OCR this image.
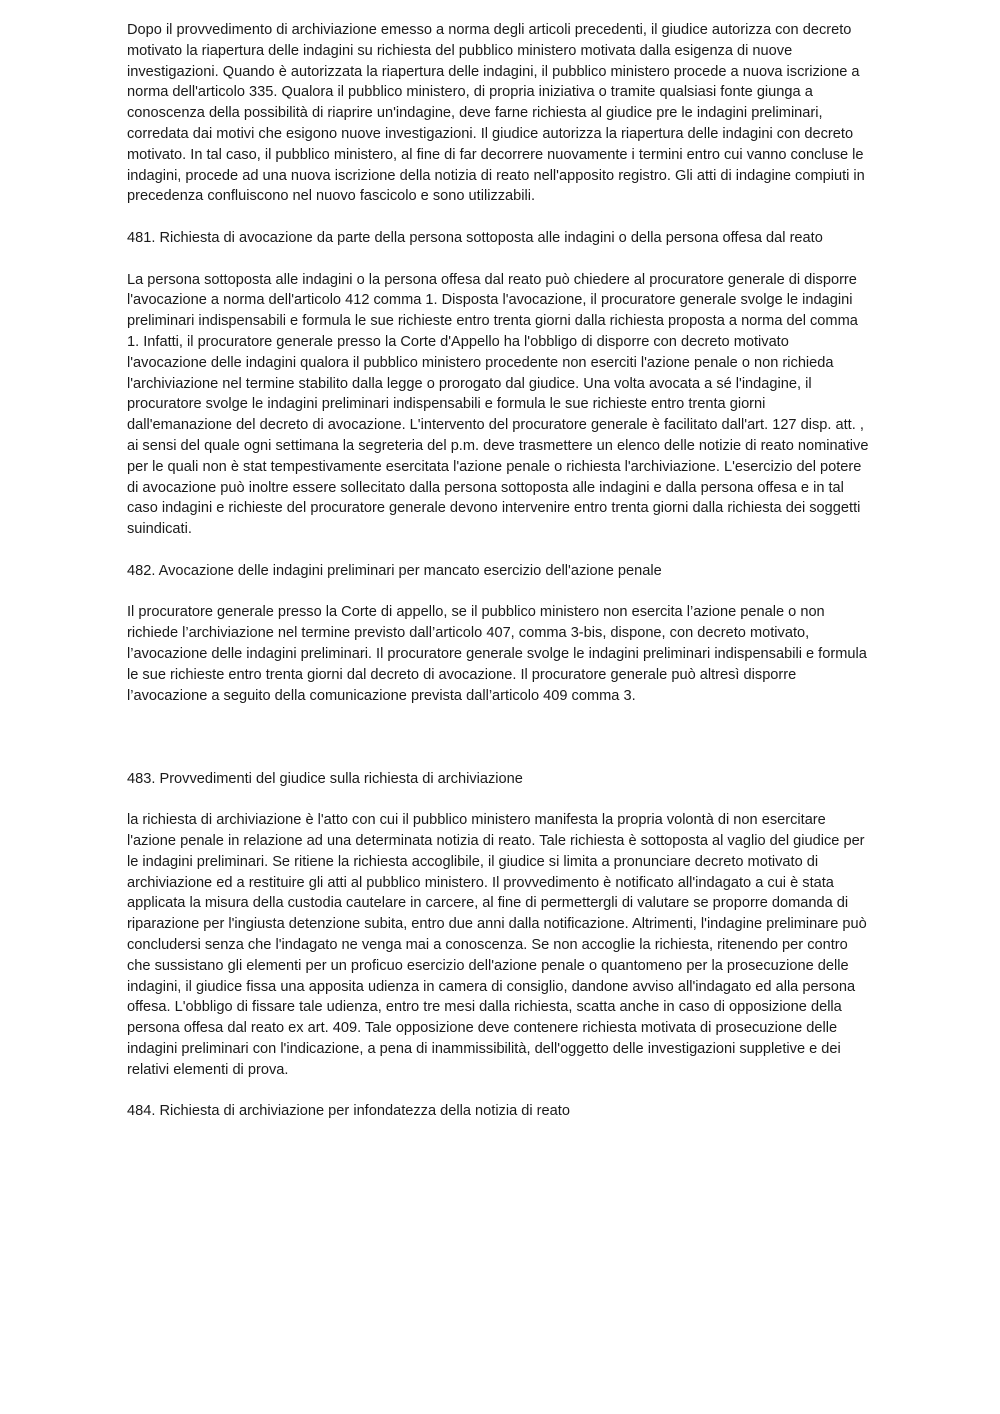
Dopo il provvedimento di archiviazione emesso a norma degli articoli precedenti, il giudice autorizza con decreto motivato la riapertura delle indagini su richiesta del pubblico ministero motivata dalla esigenza di nuove investigazioni. Quando è autorizzata la riapertura delle indagini, il pubblico ministero procede a nuova iscrizione a norma dell'articolo 335. Qualora il pubblico ministero, di propria iniziativa o tramite qualsiasi fonte giunga a conoscenza della possibilità di riaprire un'indagine, deve farne richiesta al giudice pre le indagini preliminari, corredata dai motivi che esigono nuove investigazioni. Il giudice autorizza la riapertura delle indagini con decreto motivato. In tal caso, il pubblico ministero, al fine di far decorrere nuovamente i termini entro cui vanno concluse le indagini, procede ad una nuova iscrizione della notizia di reato nell'apposito registro. Gli atti di indagine compiuti in precedenza confluiscono nel nuovo fascicolo e sono utilizzabili.

481. Richiesta di avocazione da parte della persona sottoposta alle indagini o della persona offesa dal reato

La persona sottoposta alle indagini o la persona offesa dal reato può chiedere al procuratore generale di disporre l'avocazione a norma dell'articolo 412 comma 1. Disposta l'avocazione, il procuratore generale svolge le indagini preliminari indispensabili e formula le sue richieste entro trenta giorni dalla richiesta proposta a norma del comma 1. Infatti, il procuratore generale presso la Corte d'Appello ha l'obbligo di disporre con decreto motivato l'avocazione delle indagini qualora il pubblico ministero procedente non eserciti l'azione penale o non richieda l'archiviazione nel termine stabilito dalla legge o prorogato dal giudice. Una volta avocata a sé l'indagine, il procuratore svolge le indagini preliminari indispensabili e formula le sue richieste entro trenta giorni dall'emanazione del decreto di avocazione. L'intervento del procuratore generale è facilitato dall'art. 127 disp. att. , ai sensi del quale ogni settimana la segreteria del p.m. deve trasmettere un elenco delle notizie di reato nominative per le quali non è stat tempestivamente esercitata l'azione penale o richiesta l'archiviazione. L'esercizio del potere di avocazione può inoltre essere sollecitato dalla persona sottoposta alle indagini e dalla persona offesa e in tal caso indagini e richieste del procuratore generale devono intervenire entro trenta giorni dalla richiesta dei soggetti suindicati.

482. Avocazione delle indagini preliminari per mancato esercizio dell'azione penale

Il procuratore generale presso la Corte di appello, se il pubblico ministero non esercita l’azione penale o non richiede l’archiviazione nel termine previsto dall’articolo 407, comma 3-bis, dispone, con decreto motivato, l’avocazione delle indagini preliminari. Il procuratore generale svolge le indagini preliminari indispensabili e formula le sue richieste entro trenta giorni dal decreto di avocazione. Il procuratore generale può altresì disporre l’avocazione a seguito della comunicazione prevista dall’articolo 409 comma 3.

483. Provvedimenti del giudice sulla richiesta di archiviazione

la richiesta di archiviazione è l'atto con cui il pubblico ministero manifesta la propria volontà di non esercitare l'azione penale in relazione ad una determinata notizia di reato. Tale richiesta è sottoposta al vaglio del giudice per le indagini preliminari. Se ritiene la richiesta accoglibile, il giudice si limita a pronunciare decreto motivato di archiviazione ed a restituire gli atti al pubblico ministero. Il provvedimento è notificato all'indagato a cui è stata applicata la misura della custodia cautelare in carcere, al fine di permettergli di valutare se proporre domanda di riparazione per l'ingiusta detenzione subita, entro due anni dalla notificazione. Altrimenti, l'indagine preliminare può concludersi senza che l'indagato ne venga mai a conoscenza. Se non accoglie la richiesta, ritenendo per contro che sussistano gli elementi per un proficuo esercizio dell'azione penale o quantomeno per la prosecuzione delle indagini, il giudice fissa una apposita udienza in camera di consiglio, dandone avviso all'indagato ed alla persona offesa. L'obbligo di fissare tale udienza, entro tre mesi dalla richiesta, scatta anche in caso di opposizione della persona offesa dal reato ex art. 409. Tale opposizione deve contenere richiesta motivata di prosecuzione delle indagini preliminari con l'indicazione, a pena di inammissibilità, dell'oggetto delle investigazioni suppletive e dei relativi elementi di prova.

484. Richiesta di archiviazione per infondatezza della notizia di reato
